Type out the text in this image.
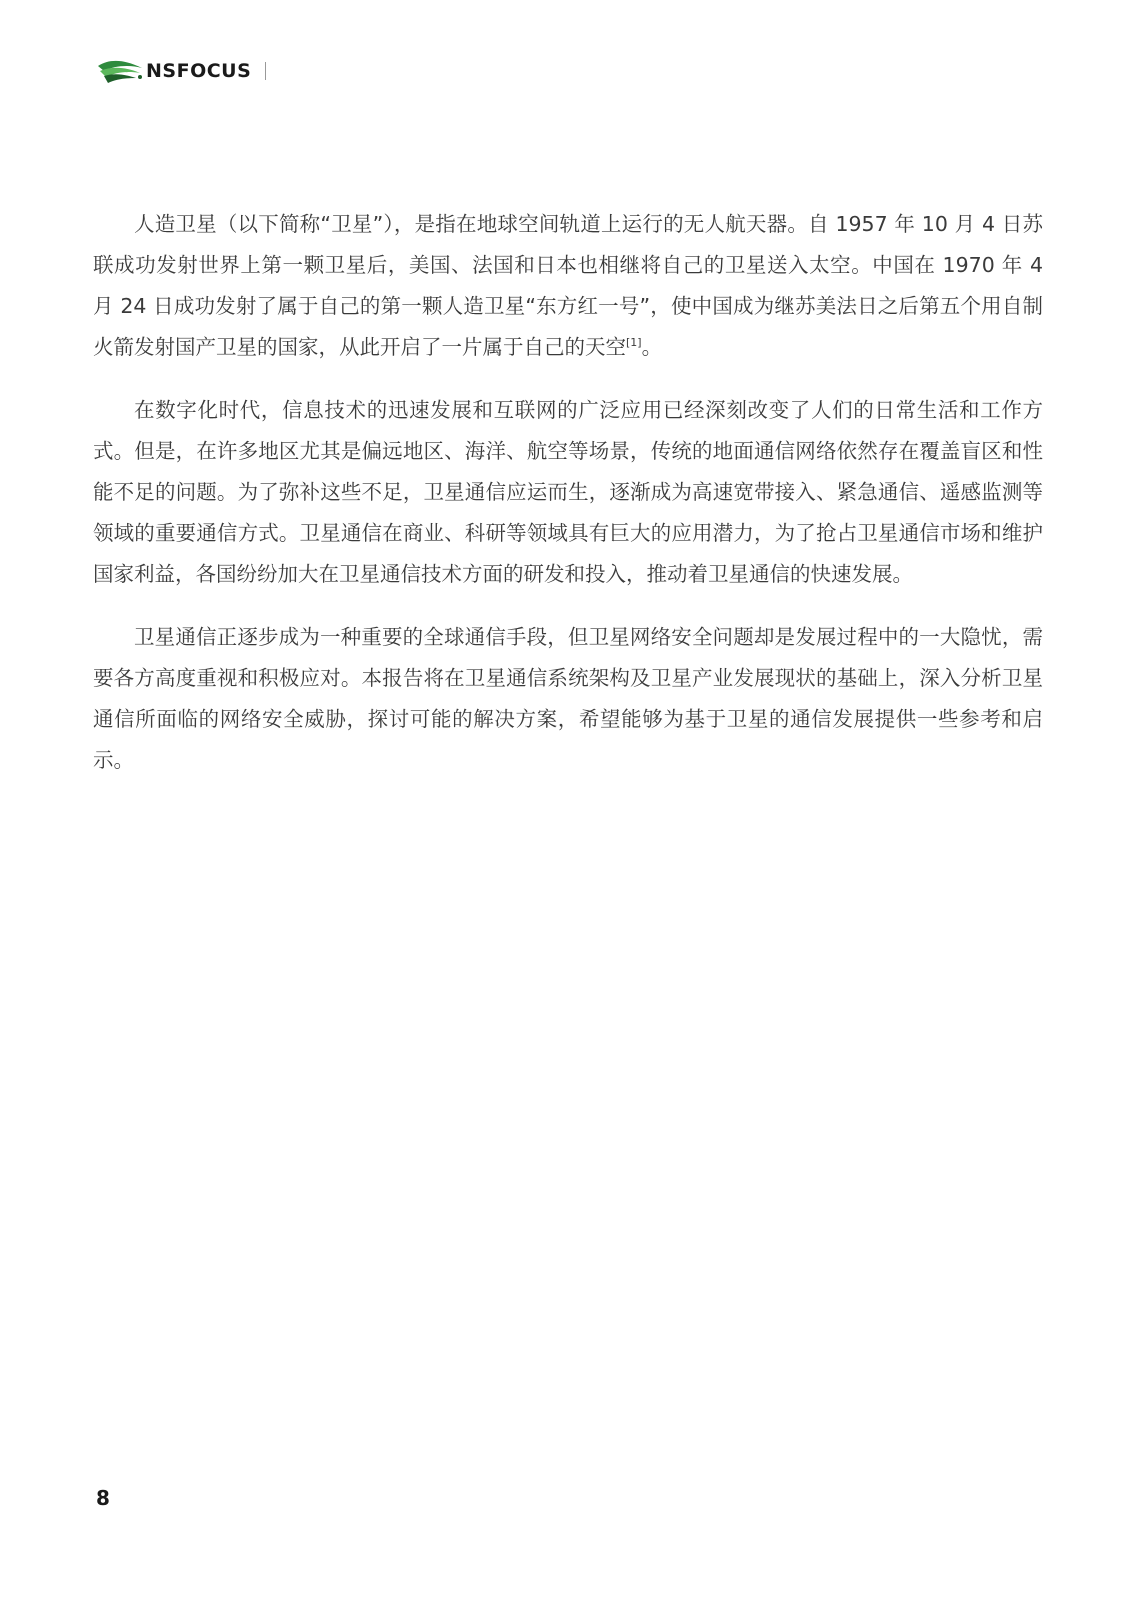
NSFOCUS

人造卫星（以下简称“卫星”），是指在地球空间轨道上运行的无人航天器。自 1957 年 10 月 4 日苏联成功发射世界上第一颗卫星后，美国、法国和日本也相继将自己的卫星送入太空。中国在 1970 年 4 月 24 日成功发射了属于自己的第一颗人造卫星“东方红一号”，使中国成为继苏美法日之后第五个用自制火箭发射国产卫星的国家，从此开启了一片属于自己的天空[1]。

在数字化时代，信息技术的迅速发展和互联网的广泛应用已经深刻改变了人们的日常生活和工作方式。但是，在许多地区尤其是偏远地区、海洋、航空等场景，传统的地面通信网络依然存在覆盖盲区和性能不足的问题。为了弥补这些不足，卫星通信应运而生，逐渐成为高速宽带接入、紧急通信、遥感监测等领域的重要通信方式。卫星通信在商业、科研等领域具有巨大的应用潜力，为了抢占卫星通信市场和维护国家利益，各国纷纷加大在卫星通信技术方面的研发和投入，推动着卫星通信的快速发展。

卫星通信正逐步成为一种重要的全球通信手段，但卫星网络安全问题却是发展过程中的一大隐忧，需要各方高度重视和积极应对。本报告将在卫星通信系统架构及卫星产业发展现状的基础上，深入分析卫星通信所面临的网络安全威胁，探讨可能的解决方案，希望能够为基于卫星的通信发展提供一些参考和启示。

8
